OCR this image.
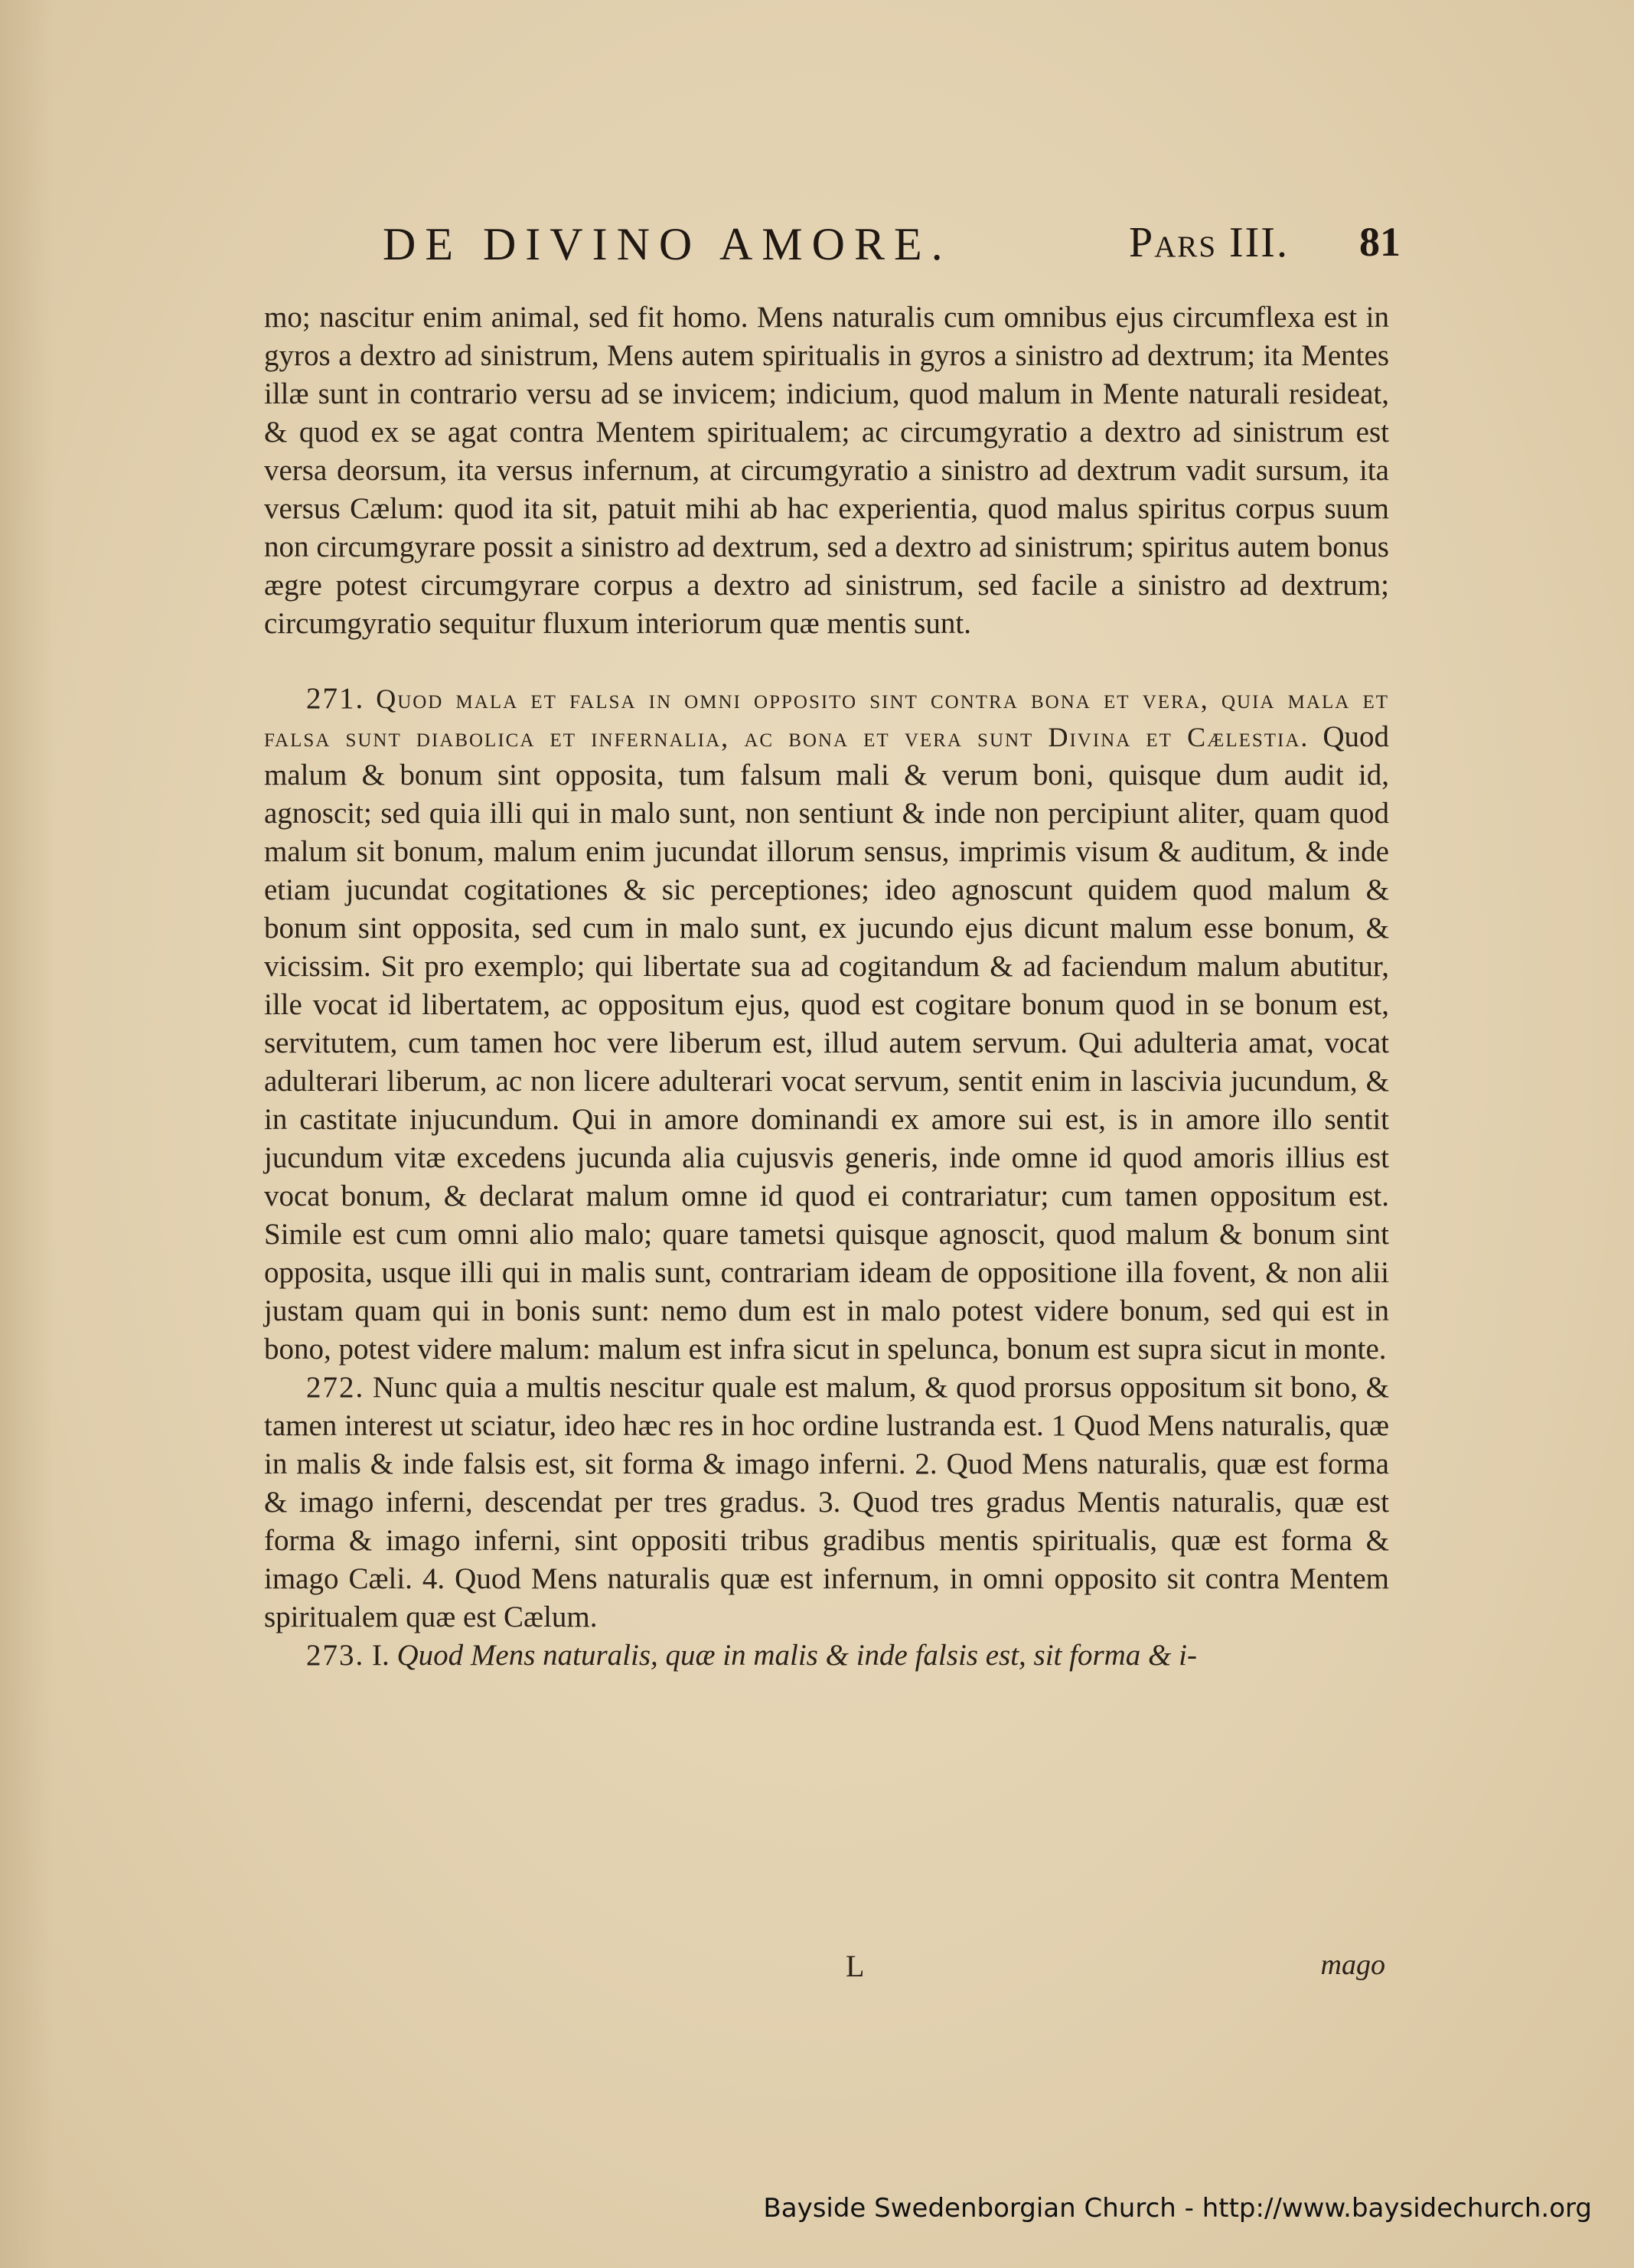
DE DIVINO AMORE.	Pars III. 81

mo; nascitur enim animal, sed fit homo. Mens naturalis cum omnibus ejus circumflexa est in gyros a dextro ad sinistrum, Mens autem spiritualis in gyros a sinistro ad dextrum; ita Mentes illæ sunt in contrario versu ad se invicem; indicium, quod malum in Mente naturali resideat, & quod ex se agat contra Mentem spiritualem; ac circumgyratio a dextro ad sinistrum est versa deorsum, ita versus infernum, at circumgyratio a sinistro ad dextrum vadit sursum, ita versus Cælum: quod ita sit, patuit mihi ab hac experientia, quod malus spiritus corpus suum non circumgyrare possit a sinistro ad dextrum, sed a dextro ad sinistrum; spiritus autem bonus ægre potest circumgyrare corpus a dextro ad sinistrum, sed facile a sinistro ad dextrum; circumgyratio sequitur fluxum interiorum quæ mentis sunt.

271. Quod mala et falsa in omni opposito sint contra bona et vera, quia mala et falsa sunt diabolica et infernalia, ac bona et vera sunt Divina et Cælestia. Quod malum & bonum sint opposita, tum falsum mali & verum boni, quisque dum audit id, agnoscit; sed quia illi qui in malo sunt, non sentiunt & inde non percipiunt aliter, quam quod malum sit bonum, malum enim jucundat illorum sensus, imprimis visum & auditum, & inde etiam jucundat cogitationes & sic perceptiones; ideo agnoscunt quidem quod malum & bonum sint opposita, sed cum in malo sunt, ex jucundo ejus dicunt malum esse bonum, & vicissim. Sit pro exemplo; qui libertate sua ad cogitandum & ad faciendum malum abutitur, ille vocat id libertatem, ac oppositum ejus, quod est cogitare bonum quod in se bonum est, servitutem, cum tamen hoc vere liberum est, illud autem servum. Qui adulteria amat, vocat adulterari liberum, ac non licere adulterari vocat servum, sentit enim in lascivia jucundum, & in castitate injucundum. Qui in amore dominandi ex amore sui est, is in amore illo sentit jucundum vitæ excedens jucunda alia cujusvis generis, inde omne id quod amoris illius est vocat bonum, & declarat malum omne id quod ei contrariatur; cum tamen oppositum est. Simile est cum omni alio malo; quare tametsi quisque agnoscit, quod malum & bonum sint opposita, usque illi qui in malis sunt, contrariam ideam de oppositione illa fovent, & non alii justam quam qui in bonis sunt: nemo dum est in malo potest videre bonum, sed qui est in bono, potest videre malum: malum est infra sicut in spelunca, bonum est supra sicut in monte.

272. Nunc quia a multis nescitur quale est malum, & quod prorsus oppositum sit bono, & tamen interest ut sciatur, ideo hæc res in hoc ordine lustranda est. 1 Quod Mens naturalis, quæ in malis & inde falsis est, sit forma & imago inferni. 2. Quod Mens naturalis, quæ est forma & imago inferni, descendat per tres gradus. 3. Quod tres gradus Mentis naturalis, quæ est forma & imago inferni, sint oppositi tribus gradibus mentis spiritualis, quæ est forma & imago Cæli. 4. Quod Mens naturalis quæ est infernum, in omni opposito sit contra Mentem spiritualem quæ est Cælum.

273. I. Quod Mens naturalis, quæ in malis & inde falsis est, sit forma & i-

L	mago
Bayside Swedenborgian Church - http://www.baysidechurch.org
